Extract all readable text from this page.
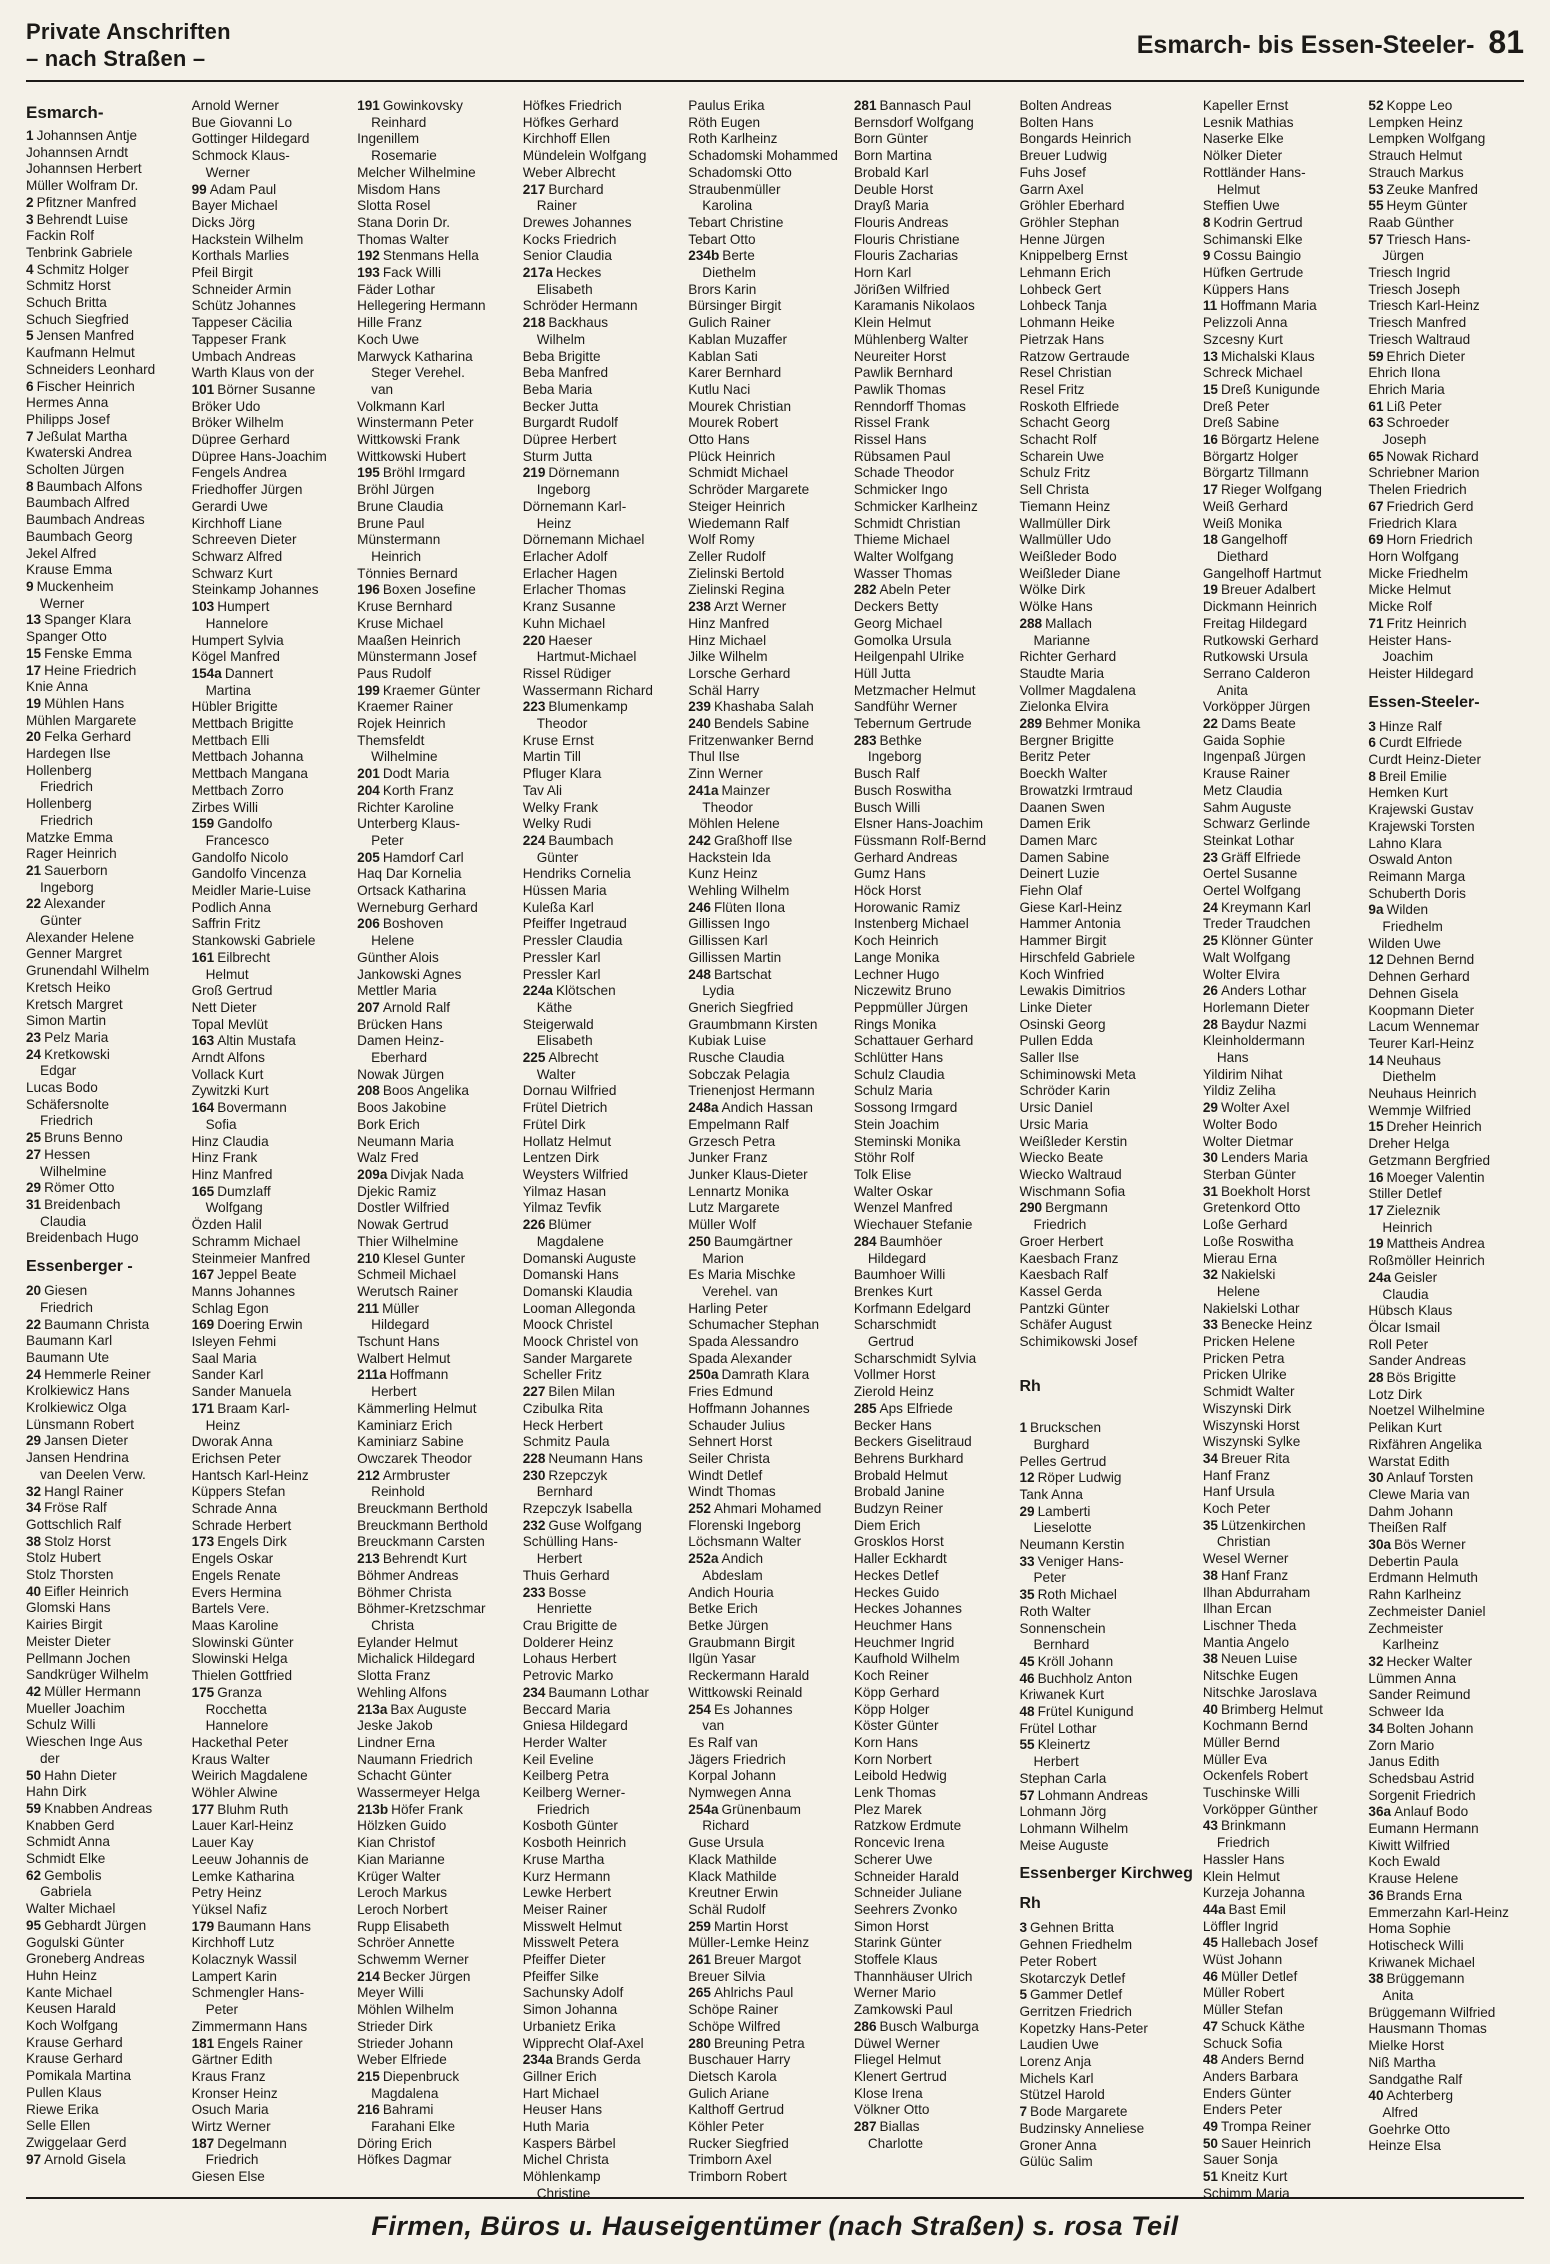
Private Anschriften
– nach Straßen –	Esmarch- bis Essen-Steeler- 81
Esmarch-
1 Johannsen Antje
Johannsen Arndt
Johannsen Herbert
Müller Wolfram Dr.
2 Pfitzner Manfred
3 Behrendt Luise
Fackin Rolf
Tenbrink Gabriele
4 Schmitz Holger
Schmitz Horst
Schuch Britta
Schuch Siegfried
5 Jensen Manfred
Kaufmann Helmut
Schneiders Leonhard
6 Fischer Heinrich
Hermes Anna
Philipps Josef
7 Jeßulat Martha
Kwaterski Andrea
Scholten Jürgen
8 Baumbach Alfons
Baumbach Alfred
Baumbach Andreas
Baumbach Georg
Jekel Alfred
Krause Emma
9 Muckenheim
Werner
13 Spanger Klara
Spanger Otto
15 Fenske Emma
17 Heine Friedrich
Knie Anna
19 Mühlen Hans
Mühlen Margarete
20 Felka Gerhard
Hardegen Ilse
Hollenberg
Friedrich
Hollenberg
Friedrich
Matzke Emma
Rager Heinrich
21 Sauerborn
Ingeborg
22 Alexander
Günter
Alexander Helene
Genner Margret
Grunendahl Wilhelm
Kretsch Heiko
Kretsch Margret
Simon Martin
23 Pelz Maria
24 Kretkowski
Edgar
Lucas Bodo
Schäfersnolte
Friedrich
25 Bruns Benno
27 Hessen
Wilhelmine
29 Römer Otto
31 Breidenbach
Claudia
Breidenbach Hugo
Essenberger -
20 Giesen
Friedrich
22 Baumann Christa
Baumann Karl
Baumann Ute
24 Hemmerle Reiner
Krolkiewicz Hans
Krolkiewicz Olga
Lünsmann Robert
29 Jansen Dieter
Jansen Hendrina
van Deelen Verw.
32 Hangl Rainer
34 Fröse Ralf
Gottschlich Ralf
38 Stolz Horst
Stolz Hubert
Stolz Thorsten
40 Eifler Heinrich
Glomski Hans
Kairies Birgit
Meister Dieter
Pellmann Jochen
Sandkrüger Wilhelm
42 Müller Hermann
Mueller Joachim
Schulz Willi
Wieschen Inge Aus
der
50 Hahn Dieter
Hahn Dirk
59 Knabben Andreas
Knabben Gerd
Schmidt Anna
Schmidt Elke
62 Gembolis
Gabriela
Walter Michael
95 Gebhardt Jürgen
Gogulski Günter
Groneberg Andreas
Huhn Heinz
Kante Michael
Keusen Harald
Koch Wolfgang
Krause Gerhard
Krause Gerhard
Pomikala Martina
Pullen Klaus
Riewe Erika
Selle Ellen
Zwiggelaar Gerd
97 Arnold Gisela
Arnold Werner
Bue Giovanni Lo
Gottinger Hildegard
Schmock Klaus-
Werner
99 Adam Paul
Bayer Michael
Dicks Jörg
Hackstein Wilhelm
Korthals Marlies
Pfeil Birgit
Schneider Armin
Schütz Johannes
Tappeser Cäcilia
Tappeser Frank
Umbach Andreas
Warth Klaus von der
101 Börner Susanne
Bröker Udo
Bröker Wilhelm
Düpree Gerhard
Düpree Hans-Joachim
Fengels Andrea
Friedhoffer Jürgen
Gerardi Uwe
Kirchhoff Liane
Schreeven Dieter
Schwarz Alfred
Schwarz Kurt
Steinkamp Johannes
103 Humpert
Hannelore
Humpert Sylvia
Kögel Manfred
154a Dannert
Martina
Hübler Brigitte
Mettbach Brigitte
Mettbach Elli
Mettbach Johanna
Mettbach Mangana
Mettbach Zorro
Zirbes Willi
159 Gandolfo
Francesco
Gandolfo Nicolo
Gandolfo Vincenza
Meidler Marie-Luise
Podlich Anna
Saffrin Fritz
Stankowski Gabriele
161 Eilbrecht
Helmut
Groß Gertrud
Nett Dieter
Topal Mevlüt
163 Altin Mustafa
Arndt Alfons
Vollack Kurt
Zywitzki Kurt
164 Bovermann
Sofia
Hinz Claudia
Hinz Frank
Hinz Manfred
165 Dumzlaff
Wolfgang
Özden Halil
Schramm Michael
Steinmeier Manfred
167 Jeppel Beate
Manns Johannes
Schlag Egon
169 Doering Erwin
Isleyen Fehmi
Saal Maria
Sander Karl
Sander Manuela
171 Braam Karl-
Heinz
Dworak Anna
Erichsen Peter
Hantsch Karl-Heinz
Küppers Stefan
Schrade Anna
Schrade Herbert
173 Engels Dirk
Engels Oskar
Engels Renate
Evers Hermina
Bartels Vere.
Maas Karoline
Slowinski Günter
Slowinski Helga
Thielen Gottfried
175 Granza
Rocchetta
Hannelore
Hackethal Peter
Kraus Walter
Weirich Magdalene
Wöhler Alwine
177 Bluhm Ruth
Lauer Karl-Heinz
Lauer Kay
Leeuw Johannis de
Lemke Katharina
Petry Heinz
Yüksel Nafiz
179 Baumann Hans
Kirchhoff Lutz
Kolacznyk Wassil
Lampert Karin
Schmengler Hans-
Peter
Zimmermann Hans
181 Engels Rainer
Gärtner Edith
Kraus Franz
Kronser Heinz
Osuch Maria
Wirtz Werner
187 Degelmann
Friedrich
Giesen Else
191 Gowinkovsky
Reinhard
Ingenillem
Rosemarie
Melcher Wilhelmine
Misdom Hans
Slotta Rosel
Stana Dorin Dr.
Thomas Walter
192 Stenmans Hella
193 Fack Willi
Fäder Lothar
Hellegering Hermann
Hille Franz
Koch Uwe
Marwyck Katharina
Steger Verehel.
van
Volkmann Karl
Winstermann Peter
Wittkowski Frank
Wittkowski Hubert
195 Bröhl Irmgard
Bröhl Jürgen
Brune Claudia
Brune Paul
Münstermann
Heinrich
Tönnies Bernard
196 Boxen Josefine
Kruse Bernhard
Kruse Michael
Maaßen Heinrich
Münstermann Josef
Paus Rudolf
199 Kraemer Günter
Kraemer Rainer
Rojek Heinrich
Themsfeldt
Wilhelmine
201 Dodt Maria
204 Korth Franz
Richter Karoline
Unterberg Klaus-
Peter
205 Hamdorf Carl
Haq Dar Kornelia
Ortsack Katharina
Werneburg Gerhard
206 Boshoven
Helene
Günther Alois
Jankowski Agnes
Mettler Maria
207 Arnold Ralf
Brücken Hans
Damen Heinz-
Eberhard
Nowak Jürgen
208 Boos Angelika
Boos Jakobine
Bork Erich
Neumann Maria
Walz Fred
209a Divjak Nada
Djekic Ramiz
Dostler Wilfried
Nowak Gertrud
Thier Wilhelmine
210 Klesel Gunter
Schmeil Michael
Werutsch Rainer
211 Müller
Hildegard
Tschunt Hans
Walbert Helmut
211a Hoffmann
Herbert
Kämmerling Helmut
Kaminiarz Erich
Kaminiarz Sabine
Owczarek Theodor
212 Armbruster
Reinhold
Breuckmann Berthold
Breuckmann Berthold
Breuckmann Carsten
213 Behrendt Kurt
Böhmer Andreas
Böhmer Christa
Böhmer-Kretzschmar
Christa
Eylander Helmut
Michalick Hildegard
Slotta Franz
Wehling Alfons
213a Bax Auguste
Jeske Jakob
Lindner Erna
Naumann Friedrich
Schacht Günter
Wassermeyer Helga
213b Höfer Frank
Hölzken Guido
Kian Christof
Kian Marianne
Krüger Walter
Leroch Markus
Leroch Norbert
Rupp Elisabeth
Schröer Annette
Schwemm Werner
214 Becker Jürgen
Meyer Willi
Möhlen Wilhelm
Strieder Dirk
Strieder Johann
Weber Elfriede
215 Diepenbruck
Magdalena
216 Bahrami
Farahani Elke
Döring Erich
Höfkes Dagmar
Höfkes Friedrich
Höfkes Gerhard
Kirchhoff Ellen
Mündelein Wolfgang
Weber Albrecht
217 Burchard
Rainer
Drewes Johannes
Kocks Friedrich
Senior Claudia
217a Heckes
Elisabeth
Schröder Hermann
218 Backhaus
Wilhelm
Beba Brigitte
Beba Manfred
Beba Maria
Becker Jutta
Burgardt Rudolf
Düpree Herbert
Sturm Jutta
219 Dörnemann
Ingeborg
Dörnemann Karl-
Heinz
Dörnemann Michael
Erlacher Adolf
Erlacher Hagen
Erlacher Thomas
Kranz Susanne
Kuhn Michael
220 Haeser
Hartmut-Michael
Rissel Rüdiger
Wassermann Richard
223 Blumenkamp
Theodor
Kruse Ernst
Martin Till
Pfluger Klara
Tav Ali
Welky Frank
Welky Rudi
224 Baumbach
Günter
Hendriks Cornelia
Hüssen Maria
Kuleßa Karl
Pfeiffer Ingetraud
Pressler Claudia
Pressler Karl
Pressler Karl
224a Klötschen
Käthe
Steigerwald
Elisabeth
225 Albrecht
Walter
Dornau Wilfried
Frütel Dietrich
Frütel Dirk
Hollatz Helmut
Lentzen Dirk
Weysters Wilfried
Yilmaz Hasan
Yilmaz Tevfik
226 Blümer
Magdalene
Domanski Auguste
Domanski Hans
Domanski Klaudia
Looman Allegonda
Moock Christel
Moock Christel von
Sander Margarete
Scheller Fritz
227 Bilen Milan
Czibulka Rita
Heck Herbert
Schmitz Paula
228 Neumann Hans
230 Rzepczyk
Bernhard
Rzepczyk Isabella
232 Guse Wolfgang
Schülling Hans-
Herbert
Thuis Gerhard
233 Bosse
Henriette
Crau Brigitte de
Dolderer Heinz
Lohaus Herbert
Petrovic Marko
234 Baumann Lothar
Beccard Maria
Gniesa Hildegard
Herder Walter
Keil Eveline
Keilberg Petra
Keilberg Werner-
Friedrich
Kosboth Günter
Kosboth Heinrich
Kruse Martha
Kurz Hermann
Lewke Herbert
Meiser Rainer
Misswelt Helmut
Misswelt Petera
Pfeiffer Dieter
Pfeiffer Silke
Sachunsky Adolf
Simon Johanna
Urbanietz Erika
Wipprecht Olaf-Axel
234a Brands Gerda
Gillner Erich
Hart Michael
Heuser Hans
Huth Maria
Kaspers Bärbel
Michel Christa
Möhlenkamp
Christine
Paulus Erika
Röth Eugen
Roth Karlheinz
Schadomski Mohammed
Schadomski Otto
Straubenmüller
Karolina
Tebart Christine
Tebart Otto
234b Berte
Diethelm
Brors Karin
Bürsinger Birgit
Gulich Rainer
Kablan Muzaffer
Kablan Sati
Karer Bernhard
Kutlu Naci
Mourek Christian
Mourek Robert
Otto Hans
Plück Heinrich
Schmidt Michael
Schröder Margarete
Steiger Heinrich
Wiedemann Ralf
Wolf Romy
Zeller Rudolf
Zielinski Bertold
Zielinski Regina
238 Arzt Werner
Hinz Manfred
Hinz Michael
Jilke Wilhelm
Lorsche Gerhard
Schäl Harry
239 Khashaba Salah
240 Bendels Sabine
Fritzenwanker Bernd
Thul Ilse
Zinn Werner
241a Mainzer
Theodor
Möhlen Helene
242 Graßhoff Ilse
Hackstein Ida
Kunz Heinz
Wehling Wilhelm
246 Flüten Ilona
Gillissen Ingo
Gillissen Karl
Gillissen Martin
248 Bartschat
Lydia
Gnerich Siegfried
Graumbmann Kirsten
Kubiak Luise
Rusche Claudia
Sobczak Pelagia
Trienenjost Hermann
248a Andich Hassan
Empelmann Ralf
Grzesch Petra
Junker Franz
Junker Klaus-Dieter
Lennartz Monika
Lutz Margarete
Müller Wolf
250 Baumgärtner
Marion
Es Maria Mischke
Verehel. van
Harling Peter
Schumacher Stephan
Spada Alessandro
Spada Alexander
250a Damrath Klara
Fries Edmund
Hoffmann Johannes
Schauder Julius
Sehnert Horst
Seiler Christa
Windt Detlef
Windt Thomas
252 Ahmari Mohamed
Florenski Ingeborg
Löchsmann Walter
252a Andich
Abdeslam
Andich Houria
Betke Erich
Betke Jürgen
Graubmann Birgit
Ilgün Yasar
Reckermann Harald
Wittkowski Reinald
254 Es Johannes
van
Es Ralf van
Jägers Friedrich
Korpal Johann
Nymwegen Anna
254a Grünenbaum
Richard
Guse Ursula
Klack Mathilde
Klack Mathilde
Kreutner Erwin
Schäl Rudolf
259 Martin Horst
Müller-Lemke Heinz
261 Breuer Margot
Breuer Silvia
265 Ahlrichs Paul
Schöpe Rainer
Schöpe Wilfred
280 Breuning Petra
Buschauer Harry
Dietsch Karola
Gulich Ariane
Kalthoff Gertrud
Köhler Peter
Rucker Siegfried
Trimborn Axel
Trimborn Robert
281 Bannasch Paul
Bernsdorf Wolfgang
Born Günter
Born Martina
Brobald Karl
Deuble Horst
Drayß Maria
Flouris Andreas
Flouris Christiane
Flouris Zacharias
Horn Karl
Jöriẞen Wilfried
Karamanis Nikolaos
Klein Helmut
Mühlenberg Walter
Neureiter Horst
Pawlik Bernhard
Pawlik Thomas
Renndorff Thomas
Rissel Frank
Rissel Hans
Rübsamen Paul
Schade Theodor
Schmicker Ingo
Schmicker Karlheinz
Schmidt Christian
Thieme Michael
Walter Wolfgang
Wasser Thomas
282 Abeln Peter
Deckers Betty
Georg Michael
Gomolka Ursula
Heilgenpahl Ulrike
Hüll Jutta
Metzmacher Helmut
Sandführ Werner
Tebernum Gertrude
283 Bethke
Ingeborg
Busch Ralf
Busch Roswitha
Busch Willi
Elsner Hans-Joachim
Füssmann Rolf-Bernd
Gerhard Andreas
Gumz Hans
Höck Horst
Horowanic Ramiz
Instenberg Michael
Koch Heinrich
Lange Monika
Lechner Hugo
Niczewitz Bruno
Peppmüller Jürgen
Rings Monika
Schattauer Gerhard
Schlütter Hans
Schulz Claudia
Schulz Maria
Sossong Irmgard
Stein Joachim
Steminski Monika
Stöhr Rolf
Tolk Elise
Walter Oskar
Wenzel Manfred
Wiechauer Stefanie
284 Baumhöer
Hildegard
Baumhoer Willi
Brenkes Kurt
Korfmann Edelgard
Scharschmidt
Gertrud
Scharschmidt Sylvia
Vollmer Horst
Zierold Heinz
285 Aps Elfriede
Becker Hans
Beckers Giselitraud
Behrens Burkhard
Brobald Helmut
Brobald Janine
Budzyn Reiner
Diem Erich
Grosklos Horst
Haller Eckhardt
Heckes Detlef
Heckes Guido
Heckes Johannes
Heuchmer Hans
Heuchmer Ingrid
Kaufhold Wilhelm
Koch Reiner
Köpp Gerhard
Köpp Holger
Köster Günter
Korn Hans
Korn Norbert
Leibold Hedwig
Lenk Thomas
Plez Marek
Ratzkow Erdmute
Roncevic Irena
Scherer Uwe
Schneider Harald
Schneider Juliane
Seehrers Zvonko
Simon Horst
Starink Günter
Stoffele Klaus
Thannhäuser Ulrich
Werner Mario
Zamkowski Paul
286 Busch Walburga
Düwel Werner
Fliegel Helmut
Klenert Gertrud
Klose Irena
Völkner Otto
287 Biallas
Charlotte
Bolten Andreas
Bolten Hans
Bongards Heinrich
Breuer Ludwig
Fuhs Josef
Garrn Axel
Gröhler Eberhard
Gröhler Stephan
Henne Jürgen
Knippelberg Ernst
Lehmann Erich
Lohbeck Gert
Lohbeck Tanja
Lohmann Heike
Pietrzak Hans
Ratzow Gertraude
Resel Christian
Resel Fritz
Roskoth Elfriede
Schacht Georg
Schacht Rolf
Scharein Uwe
Schulz Fritz
Sell Christa
Tiemann Heinz
Wallmüller Dirk
Wallmüller Udo
Weißleder Bodo
Weißleder Diane
Wölke Dirk
Wölke Hans
288 Mallach
Marianne
Richter Gerhard
Staudte Maria
Vollmer Magdalena
Zielonka Elvira
289 Behmer Monika
Bergner Brigitte
Beritz Peter
Boeckh Walter
Browatzki Irmtraud
Daanen Swen
Damen Erik
Damen Marc
Damen Sabine
Deinert Luzie
Fiehn Olaf
Giese Karl-Heinz
Hammer Antonia
Hammer Birgit
Hirschfeld Gabriele
Koch Winfried
Lewakis Dimitrios
Linke Dieter
Osinski Georg
Pullen Edda
Saller Ilse
Schiminowski Meta
Schröder Karin
Ursic Daniel
Ursic Maria
Weißleder Kerstin
Wiecko Beate
Wiecko Waltraud
Wischmann Sofia
290 Bergmann
Friedrich
Groer Herbert
Kaesbach Franz
Kaesbach Ralf
Kassel Gerda
Pantzki Günter
Schäfer August
Schimikowski Josef
Rh
1 Bruckschen
Burghard
Pelles Gertrud
12 Röper Ludwig
Tank Anna
29 Lamberti
Lieselotte
Neumann Kerstin
33 Veniger Hans-
Peter
35 Roth Michael
Roth Walter
Sonnenschein
Bernhard
45 Kröll Johann
46 Buchholz Anton
Kriwanek Kurt
48 Frütel Kunigund
Frütel Lothar
55 Kleinertz
Herbert
Stephan Carla
57 Lohmann Andreas
Lohmann Jörg
Lohmann Wilhelm
Meise Auguste
Essenberger Kirchweg
Rh
3 Gehnen Britta
Gehnen Friedhelm
Peter Robert
Skotarczyk Detlef
5 Gammer Detlef
Gerritzen Friedrich
Kopetzky Hans-Peter
Laudien Uwe
Lorenz Anja
Michels Karl
Stützel Harold
7 Bode Margarete
Budzinsky Anneliese
Groner Anna
Gülüc Salim
Kapeller Ernst
Lesnik Mathias
Naserke Elke
Nölker Dieter
Rottländer Hans-
Helmut
Steffien Uwe
8 Kodrin Gertrud
Schimanski Elke
9 Cossu Baingio
Hüfken Gertrude
Küppers Hans
11 Hoffmann Maria
Pelizzoli Anna
Szcesny Kurt
13 Michalski Klaus
Schreck Michael
15 Dreß Kunigunde
Dreß Peter
Dreß Sabine
16 Börgartz Helene
Börgartz Holger
Börgartz Tillmann
17 Rieger Wolfgang
Weiß Gerhard
Weiß Monika
18 Gangelhoff
Diethard
Gangelhoff Hartmut
19 Breuer Adalbert
Dickmann Heinrich
Freitag Hildegard
Rutkowski Gerhard
Rutkowski Ursula
Serrano Calderon
Anita
Vorköpper Jürgen
22 Dams Beate
Gaida Sophie
Ingenpaß Jürgen
Krause Rainer
Metz Claudia
Sahm Auguste
Schwarz Gerlinde
Steinkat Lothar
23 Gräff Elfriede
Oertel Susanne
Oertel Wolfgang
24 Kreymann Karl
Treder Traudchen
25 Klönner Günter
Walt Wolfgang
Wolter Elvira
26 Anders Lothar
Horlemann Dieter
28 Baydur Nazmi
Kleinholdermann
Hans
Yildirim Nihat
Yildiz Zeliha
29 Wolter Axel
Wolter Bodo
Wolter Dietmar
30 Lenders Maria
Sterban Günter
31 Boekholt Horst
Gretenkord Otto
Loße Gerhard
Loße Roswitha
Mierau Erna
32 Nakielski
Helene
Nakielski Lothar
33 Benecke Heinz
Pricken Helene
Pricken Petra
Pricken Ulrike
Schmidt Walter
Wiszynski Dirk
Wiszynski Horst
Wiszynski Sylke
34 Breuer Rita
Hanf Franz
Hanf Ursula
Koch Peter
35 Lützenkirchen
Christian
Wesel Werner
38 Hanf Franz
Ilhan Abdurraham
Ilhan Ercan
Lischner Theda
Mantia Angelo
38 Neuen Luise
Nitschke Eugen
Nitschke Jaroslava
40 Brimberg Helmut
Kochmann Bernd
Müller Bernd
Müller Eva
Ockenfels Robert
Tuschinske Willi
Vorköpper Günther
43 Brinkmann
Friedrich
Hassler Hans
Klein Helmut
Kurzeja Johanna
44a Bast Emil
Löffler Ingrid
45 Hallebach Josef
Wüst Johann
46 Müller Detlef
Müller Robert
Müller Stefan
47 Schuck Käthe
Schuck Sofia
48 Anders Bernd
Anders Barbara
Enders Günter
Enders Peter
49 Trompa Reiner
50 Sauer Heinrich
Sauer Sonja
51 Kneitz Kurt
Schimm Maria
52 Koppe Leo
Lempken Heinz
Lempken Wolfgang
Strauch Helmut
Strauch Markus
53 Zeuke Manfred
55 Heym Günter
Raab Günther
57 Triesch Hans-
Jürgen
Triesch Ingrid
Triesch Joseph
Triesch Karl-Heinz
Triesch Manfred
Triesch Waltraud
59 Ehrich Dieter
Ehrich Ilona
Ehrich Maria
61 Liß Peter
63 Schroeder
Joseph
65 Nowak Richard
Schriebner Marion
Thelen Friedrich
67 Friedrich Gerd
Friedrich Klara
69 Horn Friedrich
Horn Wolfgang
Micke Friedhelm
Micke Helmut
Micke Rolf
71 Fritz Heinrich
Heister Hans-
Joachim
Heister Hildegard
Essen-Steeler-
3 Hinze Ralf
6 Curdt Elfriede
Curdt Heinz-Dieter
8 Breil Emilie
Hemken Kurt
Krajewski Gustav
Krajewski Torsten
Lahno Klara
Oswald Anton
Reimann Marga
Schuberth Doris
9a Wilden
Friedhelm
Wilden Uwe
12 Dehnen Bernd
Dehnen Gerhard
Dehnen Gisela
Koopmann Dieter
Lacum Wennemar
Teurer Karl-Heinz
14 Neuhaus
Diethelm
Neuhaus Heinrich
Wemmje Wilfried
15 Dreher Heinrich
Dreher Helga
Getzmann Bergfried
16 Moeger Valentin
Stiller Detlef
17 Zieleznik
Heinrich
19 Mattheis Andrea
Roßmöller Heinrich
24a Geisler
Claudia
Hübsch Klaus
Ölcar Ismail
Roll Peter
Sander Andreas
28 Bös Brigitte
Lotz Dirk
Noetzel Wilhelmine
Pelikan Kurt
Rixfähren Angelika
Warstat Edith
30 Anlauf Torsten
Clewe Maria van
Dahm Johann
Theißen Ralf
30a Bös Werner
Debertin Paula
Erdmann Helmuth
Rahn Karlheinz
Zechmeister Daniel
Zechmeister
Karlheinz
32 Hecker Walter
Lümmen Anna
Sander Reimund
Schweer Ida
34 Bolten Johann
Zorn Mario
Janus Edith
Schedsbau Astrid
Sorgenit Friedrich
36a Anlauf Bodo
Eumann Hermann
Kiwitt Wilfried
Koch Ewald
Krause Helene
36 Brands Erna
Emmerzahn Karl-Heinz
Homa Sophie
Hotischeck Willi
Kriwanek Michael
38 Brüggemann
Anita
Brüggemann Wilfried
Hausmann Thomas
Mielke Horst
Niß Martha
Sandgathe Ralf
40 Achterberg
Alfred
Goehrke Otto
Heinze Elsa
Firmen, Büros u. Hauseigentümer (nach Straßen) s. rosa Teil
